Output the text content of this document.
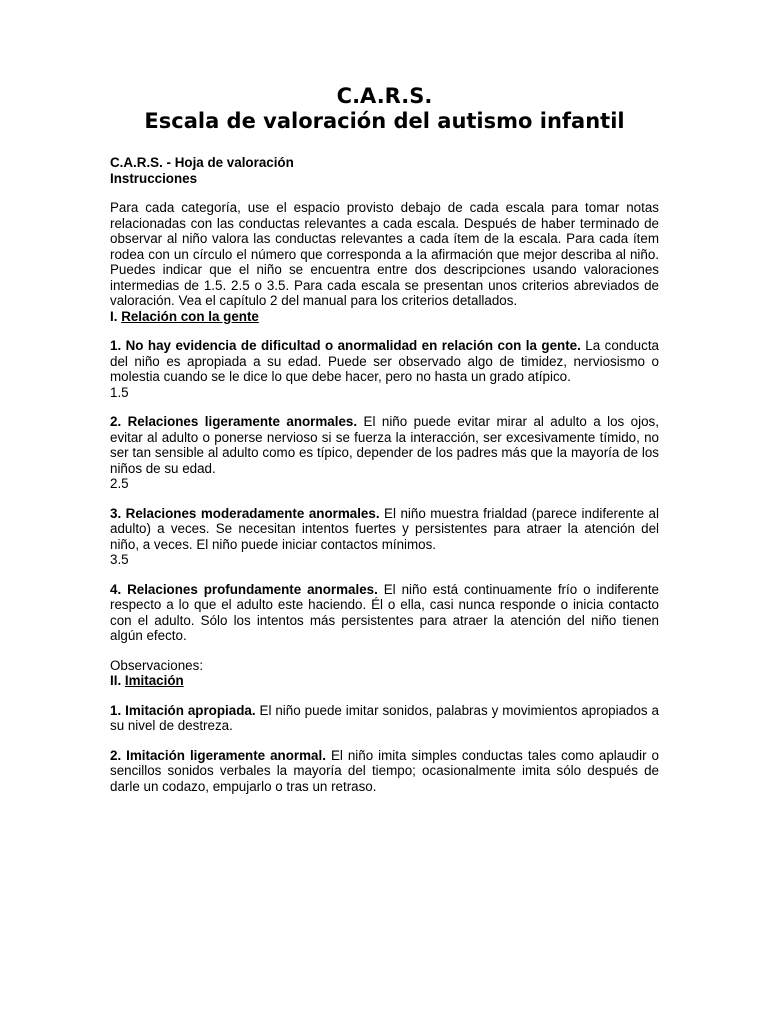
C.A.R.S.
Escala de valoración del autismo infantil
C.A.R.S. - Hoja de valoración
Instrucciones

Para cada categoría, use el espacio provisto debajo de cada escala para tomar notas relacionadas con las conductas relevantes a cada escala. Después de haber terminado de observar al niño valora las conductas relevantes a cada ítem de la escala. Para cada ítem rodea con un círculo el número que corresponda a la afirmación que mejor describa al niño. Puedes indicar que el niño se encuentra entre dos descripciones usando valoraciones intermedias de 1.5. 2.5 o 3.5. Para cada escala se presentan unos criterios abreviados de valoración. Vea el capítulo 2 del manual para los criterios detallados.

I. Relación con la gente

1. No hay evidencia de dificultad o anormalidad en relación con la gente. La conducta del niño es apropiada a su edad. Puede ser observado algo de timidez, nerviosismo o molestia cuando se le dice lo que debe hacer, pero no hasta un grado atípico.

1.5

2. Relaciones ligeramente anormales. El niño puede evitar mirar al adulto a los ojos, evitar al adulto o ponerse nervioso si se fuerza la interacción, ser excesivamente tímido, no ser tan sensible al adulto como es típico, depender de los padres más que la mayoría de los niños de su edad.

2.5

3. Relaciones moderadamente anormales. El niño muestra frialdad (parece indiferente al adulto) a veces. Se necesitan intentos fuertes y persistentes para atraer la atención del niño, a veces. El niño puede iniciar contactos mínimos.

3.5

4. Relaciones profundamente anormales. El niño está continuamente frío o indiferente respecto a lo que el adulto este haciendo. Él o ella, casi nunca responde o inicia contacto con el adulto. Sólo los intentos más persistentes para atraer la atención del niño tienen algún efecto.

Observaciones:
II. Imitación

1. Imitación apropiada. El niño puede imitar sonidos, palabras y movimientos apropiados a su nivel de destreza.

2. Imitación ligeramente anormal. El niño imita simples conductas tales como aplaudir o sencillos sonidos verbales la mayoría del tiempo; ocasionalmente imita sólo después de darle un codazo, empujarlo o tras un retraso.
